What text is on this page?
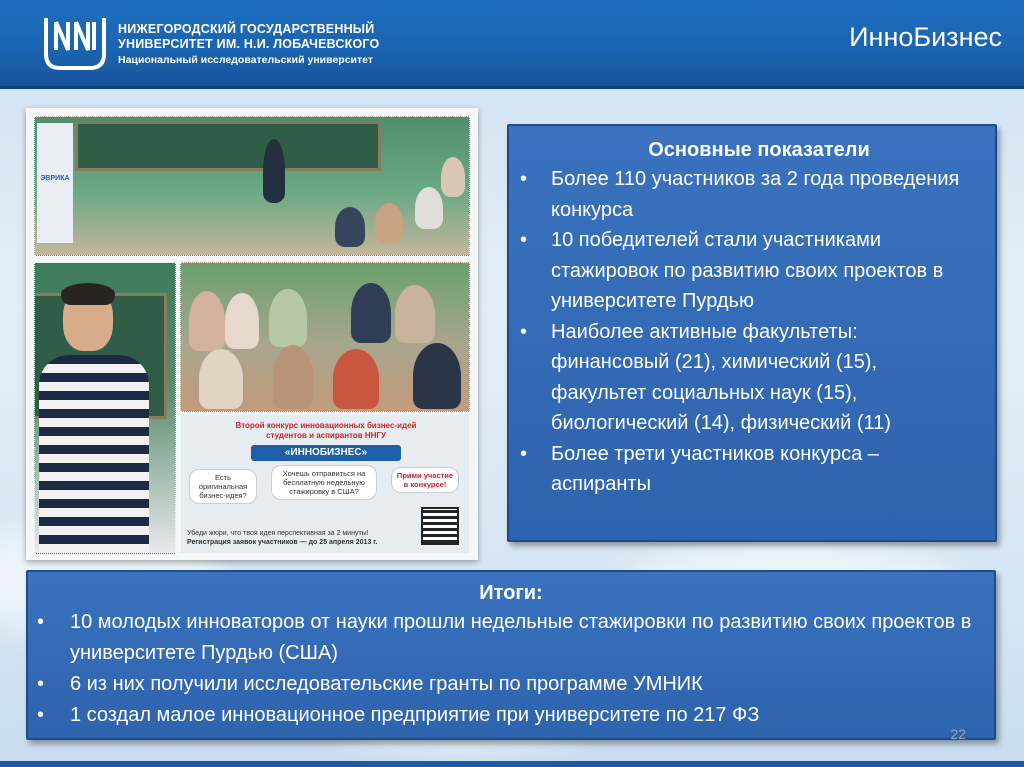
НИЖЕГОРОДСКИЙ ГОСУДАРСТВЕННЫЙ
УНИВЕРСИТЕТ ИМ. Н.И. ЛОБАЧЕВСКОГО
Национальный исследовательский университет
ИнноБизнес
ЭВРИКА
Второй конкурс инновационных бизнес-идей студентов и аспирантов ННГУ
«ИННОБИЗНЕС»
Есть оригинальная бизнес-идея?
Хочешь отправиться на бесплатную недельную стажировку в США?
Прими участие в конкурсе!
Убеди жюри, что твоя идея перспективная за 2 минуты!
Регистрация заявок участников — до 25 апреля 2013 г.
Основные показатели
• Более 110 участников за 2 года проведения конкурса
• 10 победителей стали участниками стажировок по развитию своих проектов в университете Пурдью
• Наиболее активные факультеты: финансовый (21), химический (15), факультет социальных наук (15), биологический (14), физический (11)
• Более трети участников конкурса – аспиранты
Итоги:
• 10 молодых инноваторов от науки прошли недельные стажировки по развитию своих проектов в университете Пурдью (США)
• 6 из них получили исследовательские гранты по программе УМНИК
• 1 создал малое инновационное предприятие при университете по 217 ФЗ
22
